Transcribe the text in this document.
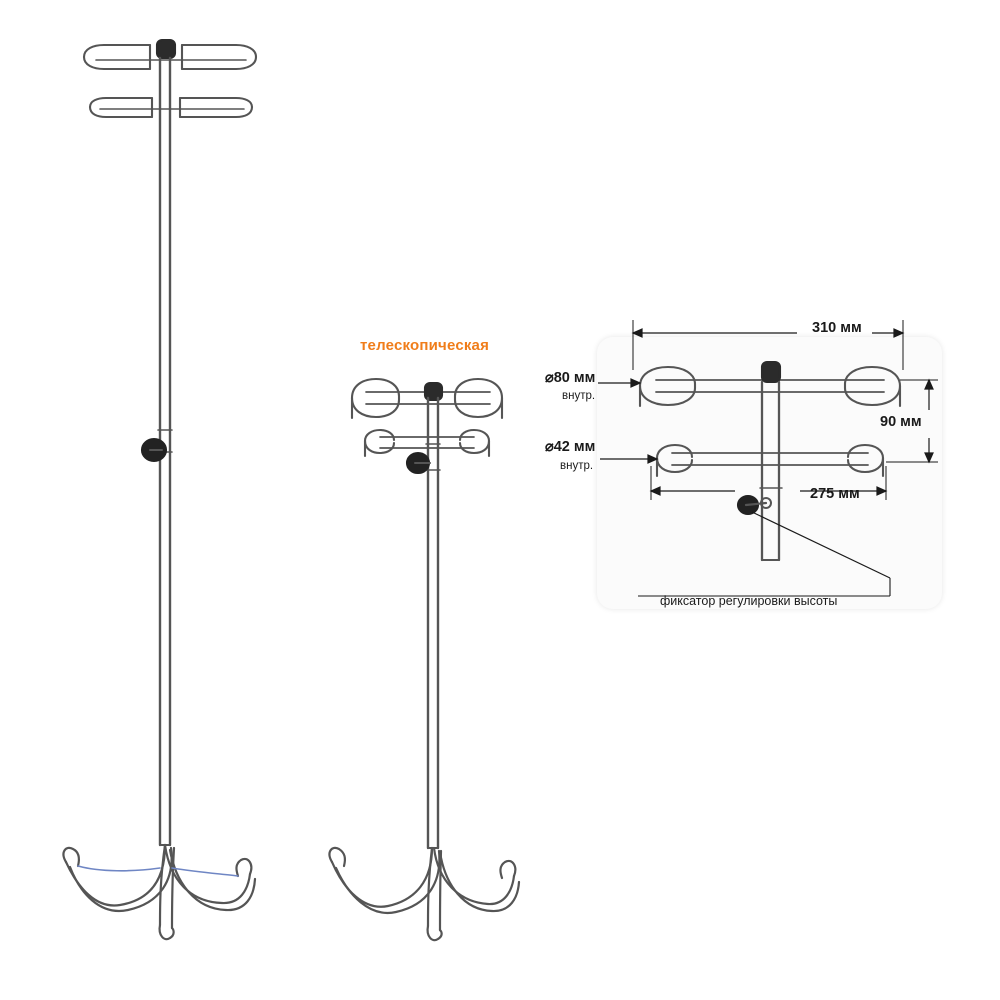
телескопическая
310 мм
⌀80 мм
внутр.
⌀42 мм
внутр.
90 мм
275 мм
фиксатор регулировки высоты
